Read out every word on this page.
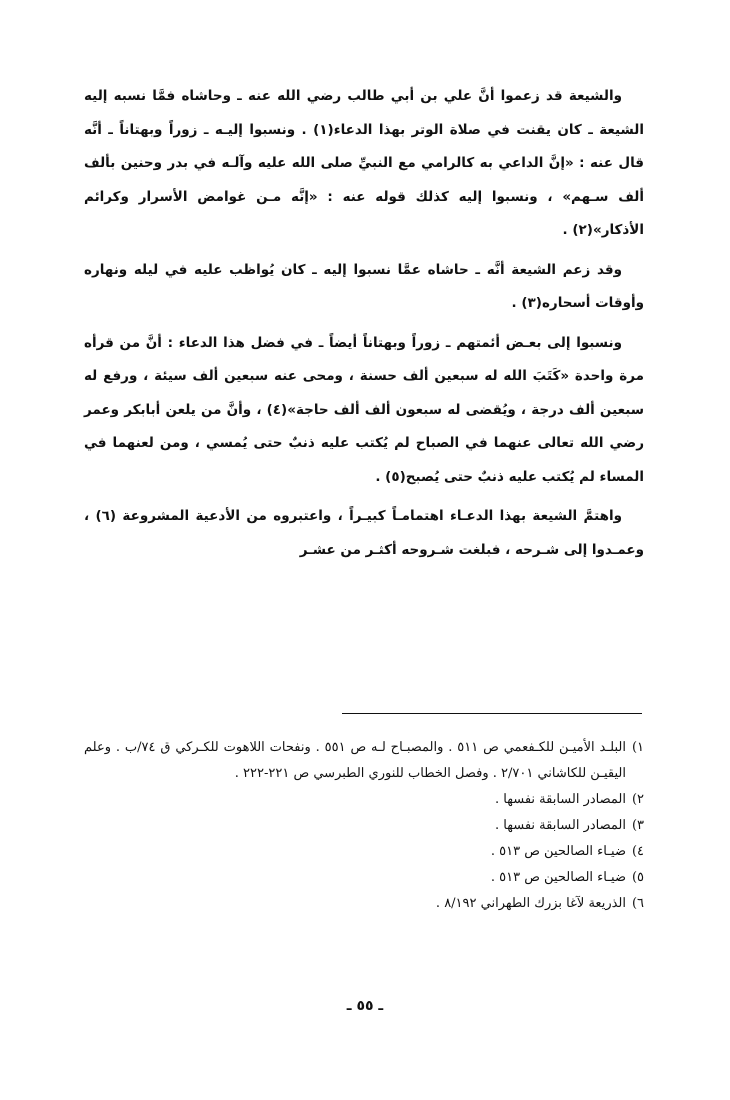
والشيعة قد زعموا أنَّ علي بن أبي طالب رضي الله عنه ـ وحاشاه فمَّا نسبه إليه الشيعة ـ كان يقنت في صلاة الوتر بهذا الدعاء(١) . ونسبوا إليـه ـ زوراً وبهتاناً ـ أنَّه قال عنه : «إنَّ الداعي به كالرامي مع النبيِّ صلى الله عليه وآلـه في بدر وحنين بألف ألف سـهم» ، ونسبوا إليه كذلك قوله عنه : «إنَّه مـن غوامض الأسرار وكرائم الأذكار»(٢) .

وقد زعم الشيعة أنَّه ـ حاشاه عمَّا نسبوا إليه ـ كان يُواظب عليه في ليله ونهاره وأوقات أسحاره(٣) .

ونسبوا إلى بعـض أئمتهم ـ زوراً وبهتاناً أيضاً ـ في فضل هذا الدعاء : أنَّ من قرأه مرة واحدة «كَتَبَ الله له سبعين ألف حسنة ، ومحى عنه سبعين ألف سيئة ، ورفع له سبعين ألف درجة ، ويُقضى له سبعون ألف ألف حاجة»(٤) ، وأنَّ من يلعن أبابكر وعمر رضي الله تعالى عنهما في الصباح لم يُكتب عليه ذنبٌ حتى يُمسي ، ومن لعنهما في المساء لم يُكتب عليه ذنبٌ حتى يُصبح(٥) .

واهتمَّ الشيعة بهذا الدعـاء اهتمامـاً كبيـراً ، واعتبروه من الأدعية المشروعة (٦) ، وعمـدوا إلى شـرحه ، فبلغت شـروحه أكثـر من عشـر

١)
البلـد الأميـن للكـفعمي ص ٥١١ . والمصبـاح لـه ص ٥٥١ . ونفحات اللاهوت للكـركي ق ٧٤/ب . وعلم اليقيـن للكاشاني ٢/٧٠١ . وفصل الخطاب للنوري الطبرسي ص ٢٢١-٢٢٢ .
٢)
المصادر السابقة نفسها .
٣)
المصادر السابقة نفسها .
٤)
ضيـاء الصالحين ص ٥١٣ .
٥)
ضيـاء الصالحين ص ٥١٣ .
٦)
الذريعة لآغا بزرك الطهراني ٨/١٩٢ .
ـ ٥٥ ـ
